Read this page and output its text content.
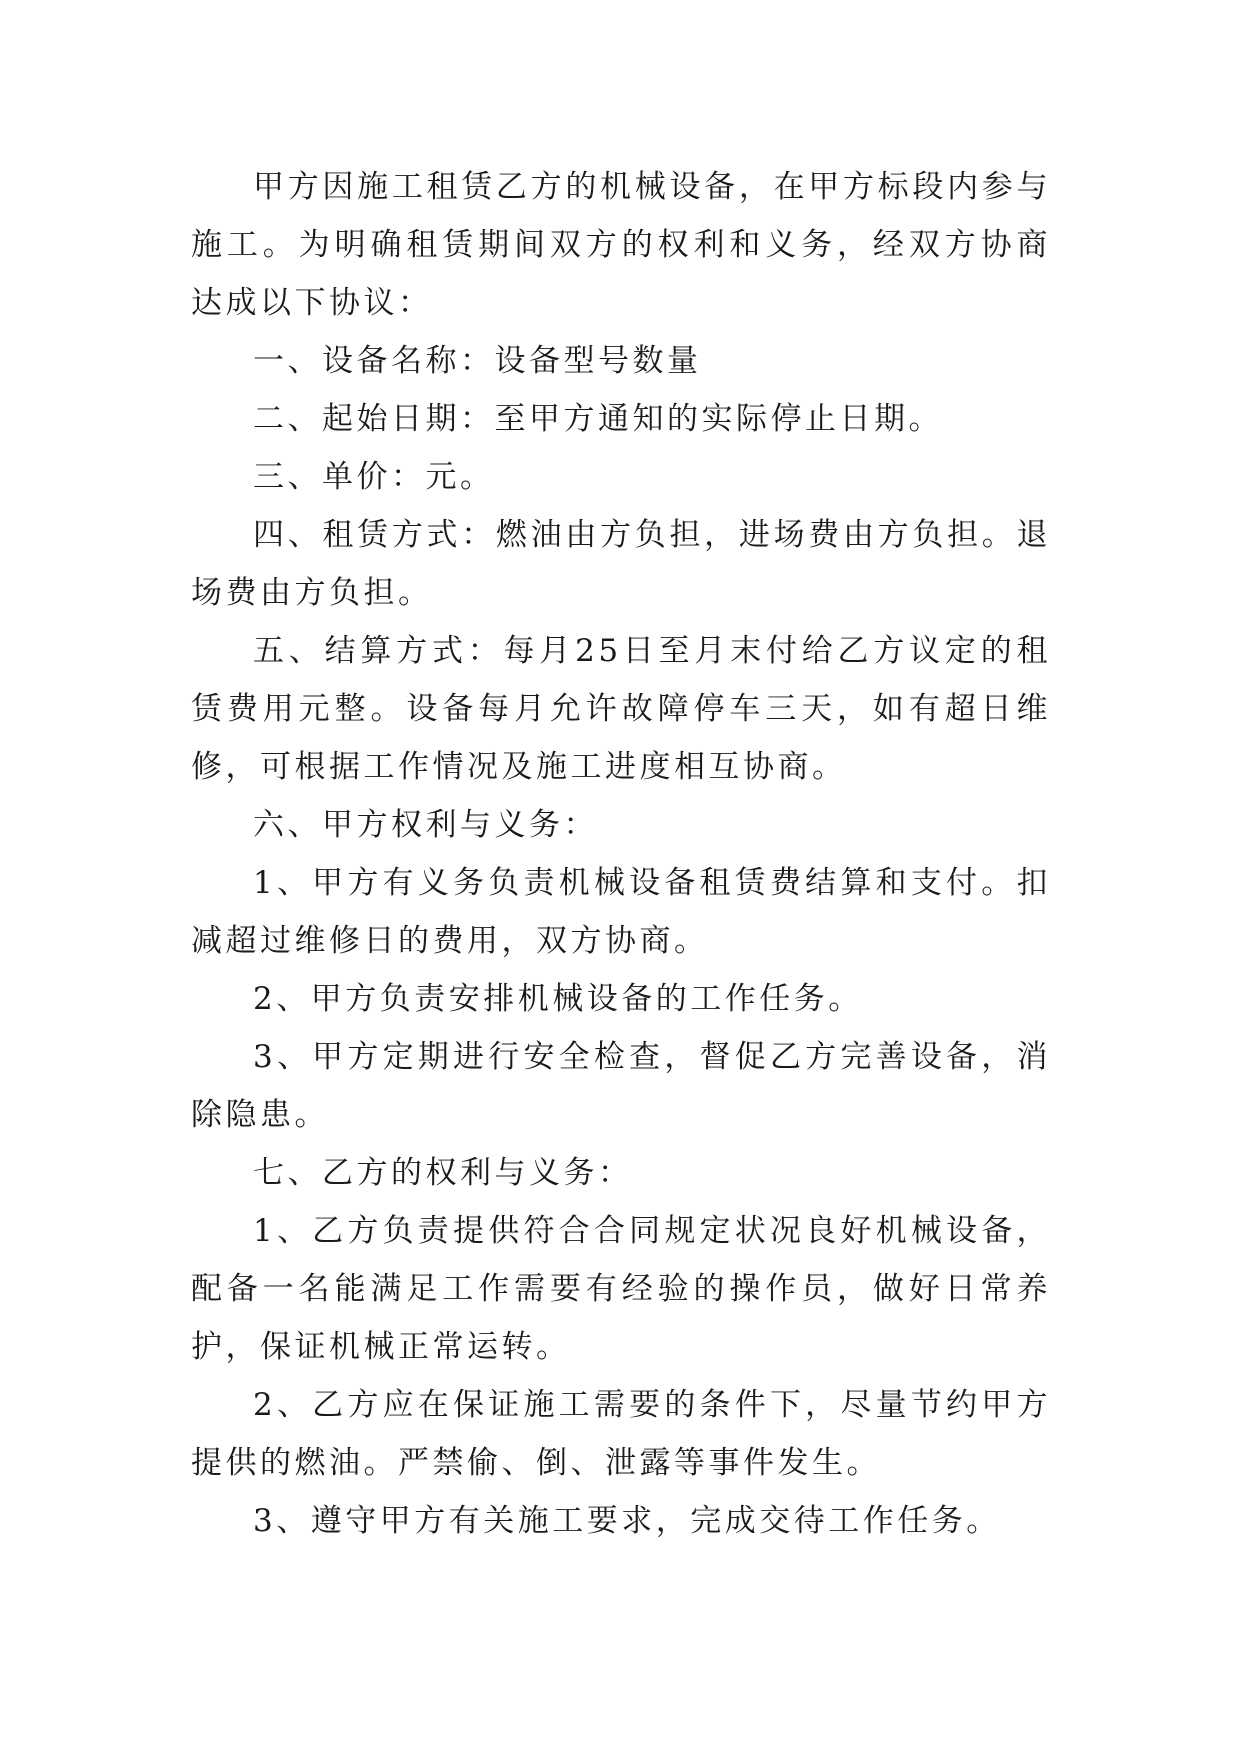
甲方因施工租赁乙方的机械设备，在甲方标段内参与施工。为明确租赁期间双方的权利和义务，经双方协商达成以下协议：

一、设备名称：设备型号数量

二、起始日期：至甲方通知的实际停止日期。

三、单价：元。

四、租赁方式：燃油由方负担，进场费由方负担。退场费由方负担。

五、结算方式：每月25日至月末付给乙方议定的租赁费用元整。设备每月允许故障停车三天，如有超日维修，可根据工作情况及施工进度相互协商。

六、甲方权利与义务：

1、甲方有义务负责机械设备租赁费结算和支付。扣减超过维修日的费用，双方协商。

2、甲方负责安排机械设备的工作任务。

3、甲方定期进行安全检查，督促乙方完善设备，消除隐患。

七、乙方的权利与义务：

1、乙方负责提供符合合同规定状况良好机械设备，配备一名能满足工作需要有经验的操作员，做好日常养护，保证机械正常运转。

2、乙方应在保证施工需要的条件下，尽量节约甲方提供的燃油。严禁偷、倒、泄露等事件发生。

3、遵守甲方有关施工要求，完成交待工作任务。
